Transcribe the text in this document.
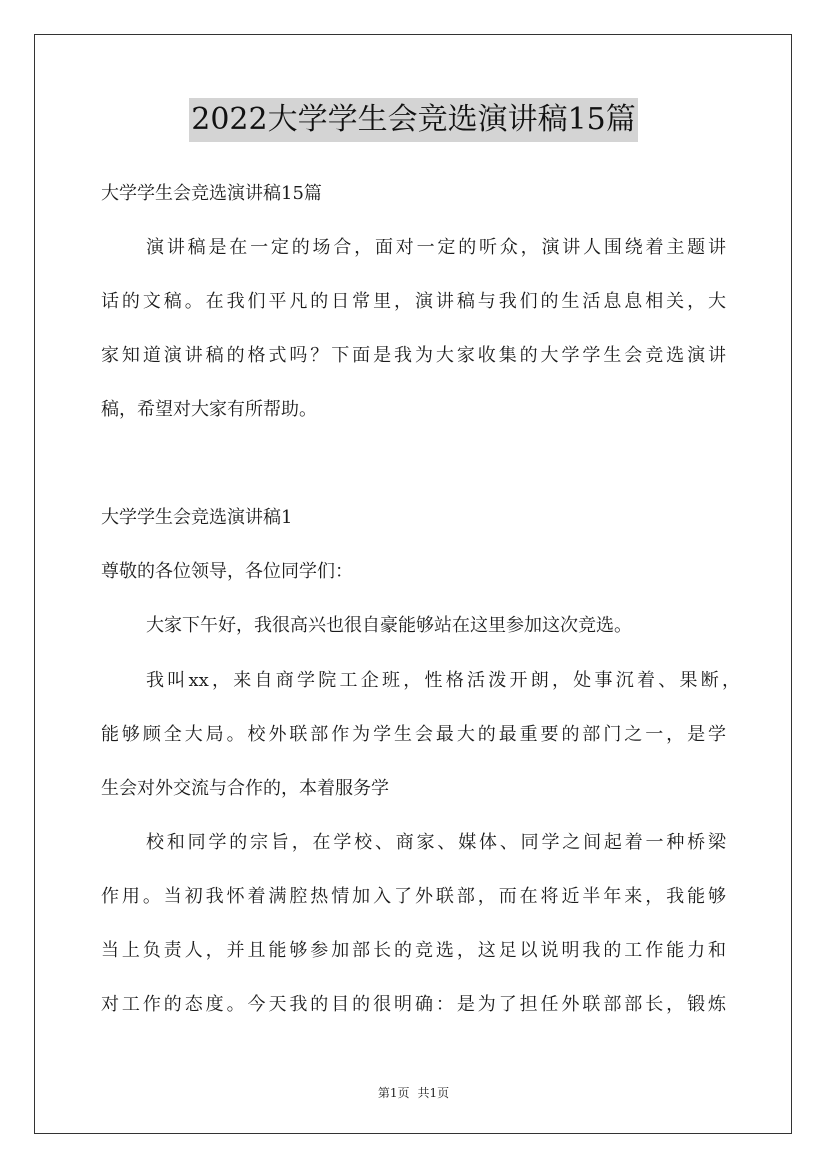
2022大学学生会竞选演讲稿15篇
大学学生会竞选演讲稿15篇
演讲稿是在一定的场合，面对一定的听众，演讲人围绕着主题讲
话的文稿。在我们平凡的日常里，演讲稿与我们的生活息息相关，大
家知道演讲稿的格式吗？下面是我为大家收集的大学学生会竞选演讲
稿，希望对大家有所帮助。
大学学生会竞选演讲稿1
尊敬的各位领导，各位同学们：
大家下午好，我很高兴也很自豪能够站在这里参加这次竞选。
我叫xx，来自商学院工企班，性格活泼开朗，处事沉着、果断，
能够顾全大局。校外联部作为学生会最大的最重要的部门之一，是学
生会对外交流与合作的，本着服务学
校和同学的宗旨，在学校、商家、媒体、同学之间起着一种桥梁
作用。当初我怀着满腔热情加入了外联部，而在将近半年来，我能够
当上负责人，并且能够参加部长的竞选，这足以说明我的工作能力和
对工作的态度。今天我的目的很明确：是为了担任外联部部长，锻炼
第1页 共1页
